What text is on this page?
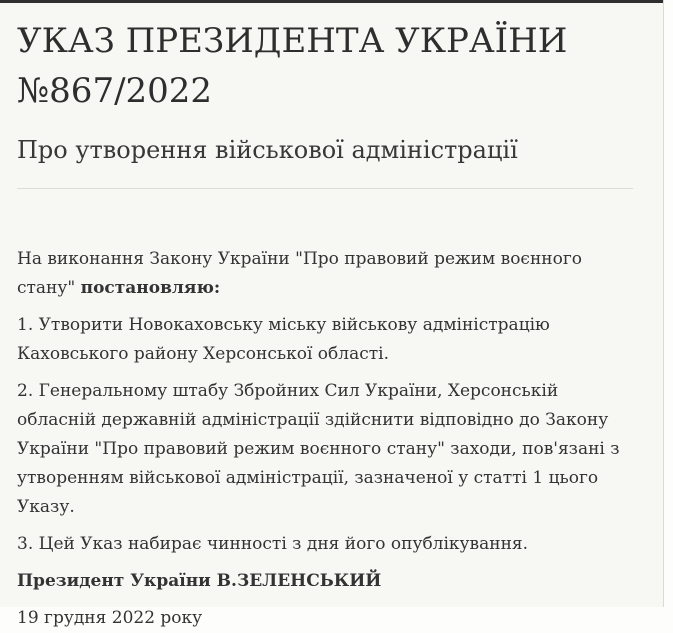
УКАЗ ПРЕЗИДЕНТА УКРАЇНИ №867/2022
Про утворення військової адміністрації

На виконання Закону України "Про правовий режим воєнного стану" постановляю:

1. Утворити Новокаховську міську військову адміністрацію Каховського району Херсонської області.

2. Генеральному штабу Збройних Сил України, Херсонській обласній державній адміністрації здійснити відповідно до Закону України "Про правовий режим воєнного стану" заходи, пов'язані з утворенням військової адміністрації, зазначеної у статті 1 цього Указу.

3. Цей Указ набирає чинності з дня його опублікування.

Президент України В.ЗЕЛЕНСЬКИЙ

19 грудня 2022 року
